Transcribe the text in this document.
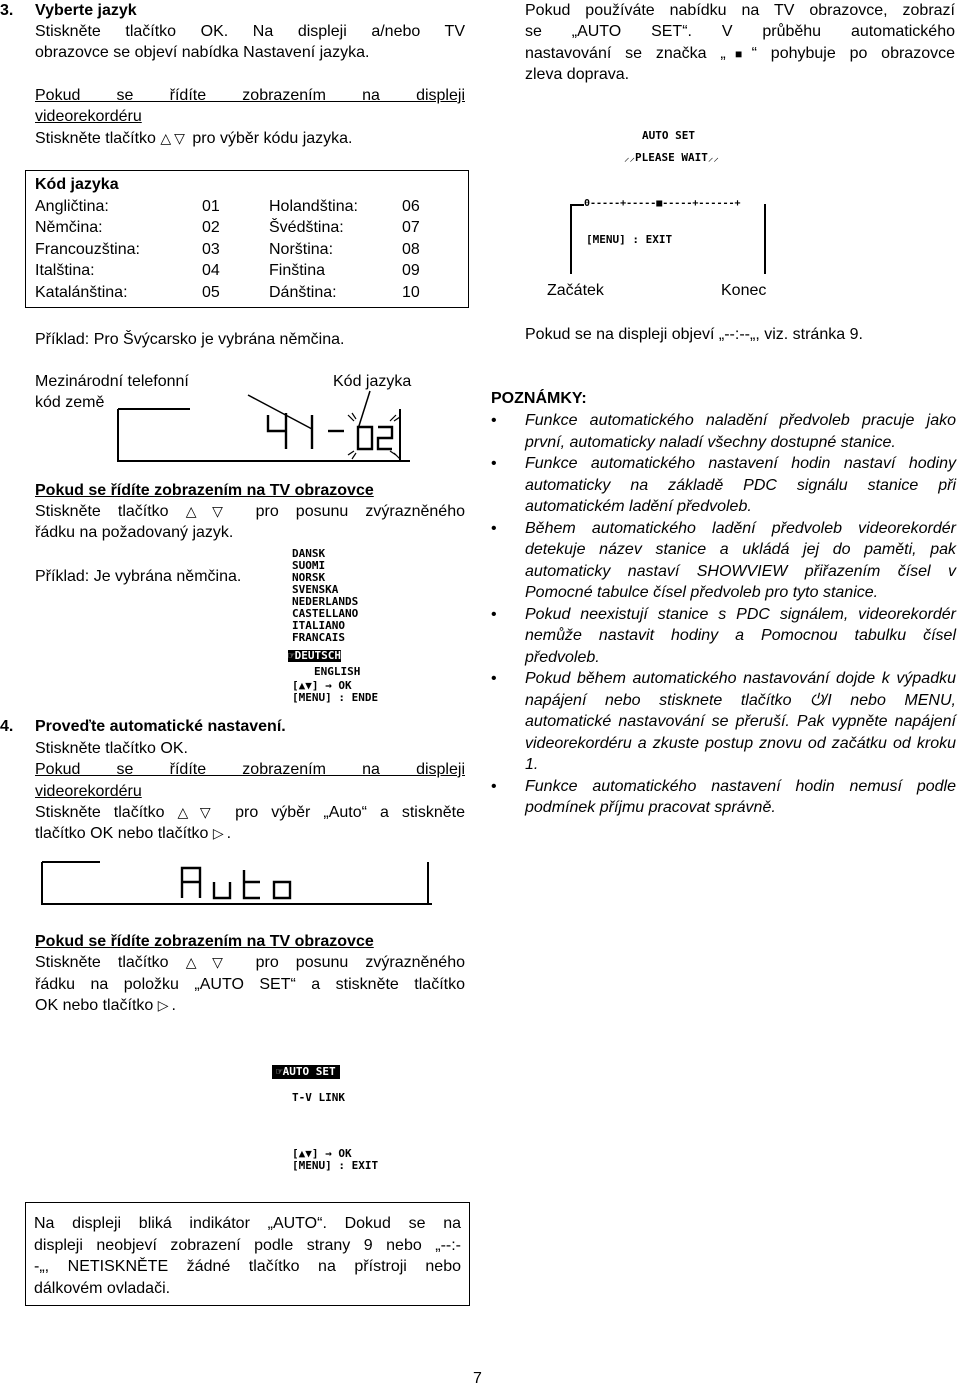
3. Vyberte jazyk
Stiskněte tlačítko OK. Na displeji a/nebo TV
obrazovce se objeví nabídka Nastavení jazyka.
Pokud se řídíte zobrazením na displeji
videorekordéru
Stiskněte tlačítko △▽ pro výběr kódu jazyka.
Kód jazyka
Angličtina:	01	Holandština:	06
Němčina:	02	Švédština:	07
Francouzština:	03	Norština:	08
Italština:	04	Finština	09
Katalánština:	05	Dánština:	10
Příklad: Pro Švýcarsko je vybrána němčina.
Mezinárodní telefonní
kód země
Kód jazyka
Pokud se řídíte zobrazením na TV obrazovce
Stiskněte tlačítko △▽ pro posunu zvýrazněného
řádku na požadovaný jazyk.
Příklad: Je vybrána němčina.
DANSK
SUOMI
NORSK
SVENSKA
NEDERLANDS
CASTELLANO
ITALIANO
FRANCAIS
☞DEUTSCH
ENGLISH
[▲▼] → OK
[MENU] : ENDE
4. Proveďte automatické nastavení.
Stiskněte tlačítko OK.
Pokud se řídíte zobrazením na displeji
videorekordéru
Stiskněte tlačítko △▽ pro výběr „Auto“ a stiskněte
tlačítko OK nebo tlačítko ▷.
Pokud se řídíte zobrazením na TV obrazovce
Stiskněte tlačítko △▽ pro posunu zvýrazněného
řádku na položku „AUTO SET“ a stiskněte tlačítko
OK nebo tlačítko ▷.
☞AUTO SET
T-V LINK
[▲▼] → OK
[MENU] : EXIT
Na displeji bliká indikátor „AUTO“. Dokud se na
displeji neobjeví zobrazení podle strany 9 nebo „--:-
-„, NETISKNĚTE žádné tlačítko na přístroji nebo
dálkovém ovladači.
7
Pokud používáte nabídku na TV obrazovce, zobrazí
se „AUTO SET“. V průběhu automatického
nastavování se značka „■“ pohybuje po obrazovce
zleva doprava.
AUTO SET
⸝⸝PLEASE WAIT⸝⸝
0-----+-----■-----+------+
[MENU] : EXIT
Začátek	Konec
Pokud se na displeji objeví „--:--„, viz. stránka 9.
POZNÁMKY:
• Funkce automatického naladění předvoleb pracuje jako první, automaticky naladí všechny dostupné stanice.
• Funkce automatického nastavení hodin nastaví hodiny automaticky na základě PDC signálu stanice při automatickém ladění předvoleb.
• Během automatického ladění předvoleb videorekordér detekuje název stanice a ukládá jej do paměti, pak automaticky nastaví SHOWVIEW přiřazením čísel v Pomocné tabulce čísel předvoleb pro tyto stanice.
• Pokud neexistují stanice s PDC signálem, videorekordér nemůže nastavit hodiny a Pomocnou tabulku čísel předvoleb.
• Pokud během automatického nastavování dojde k výpadku napájení nebo stisknete tlačítko ⏻/I nebo MENU, automatické nastavování se přeruší. Pak vypněte napájení videorekordéru a zkuste postup znovu od začátku od kroku 1.
• Funkce automatického nastavení hodin nemusí podle podmínek příjmu pracovat správně.
